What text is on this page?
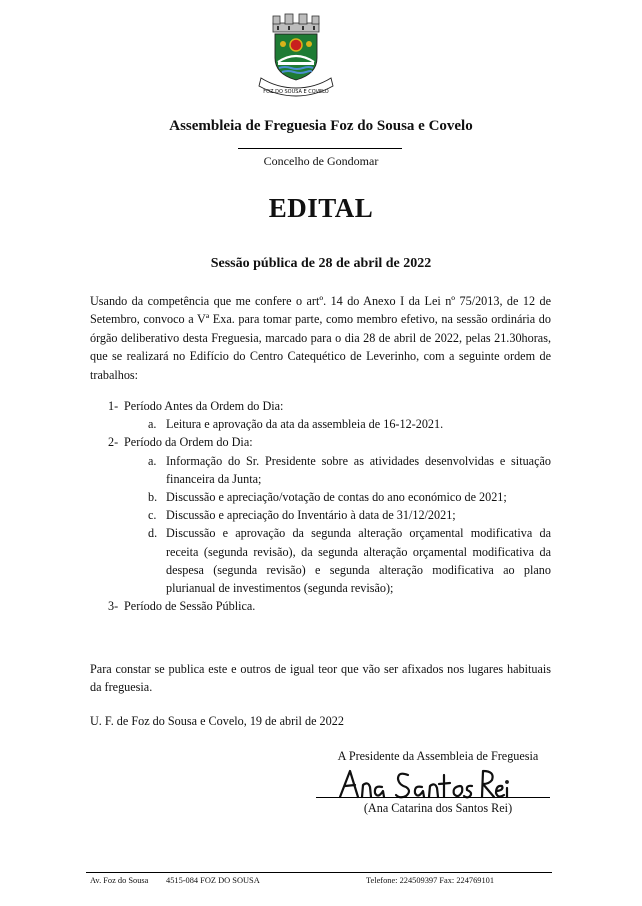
FOZ DO SOUSA E COVELO
Assembleia de Freguesia Foz do Sousa e Covelo
Concelho de Gondomar
EDITAL
Sessão pública de 28 de abril de 2022
Usando da competência que me confere o artº. 14 do Anexo I da Lei nº 75/2013, de 12 de Setembro, convoco a Vª Exa. para tomar parte, como membro efetivo, na sessão ordinária do órgão deliberativo desta Freguesia, marcado para o dia 28 de abril de 2022, pelas 21.30horas, que se realizará no Edifício do Centro Catequético de Leverinho, com a seguinte ordem de trabalhos:
1- Período Antes da Ordem do Dia:
a. Leitura e aprovação da ata da assembleia de 16-12-2021.
2- Período da Ordem do Dia:
a. Informação do Sr. Presidente sobre as atividades desenvolvidas e situação financeira da Junta;
b. Discussão e apreciação/votação de contas do ano económico de 2021;
c. Discussão e apreciação do Inventário à data de 31/12/2021;
d. Discussão e aprovação da segunda alteração orçamental modificativa da receita (segunda revisão), da segunda alteração orçamental modificativa da despesa (segunda revisão) e segunda alteração modificativa ao plano plurianual de investimentos (segunda revisão);
3- Período de Sessão Pública.
Para constar se publica este e outros de igual teor que vão ser afixados nos lugares habituais da freguesia.
U. F. de Foz do Sousa e Covelo, 19 de abril de 2022
A Presidente da Assembleia de Freguesia
(Ana Catarina dos Santos Rei)
Av. Foz do Sousa 4515-084 FOZ DO SOUSA	Telefone: 224509397 Fax: 224769101
